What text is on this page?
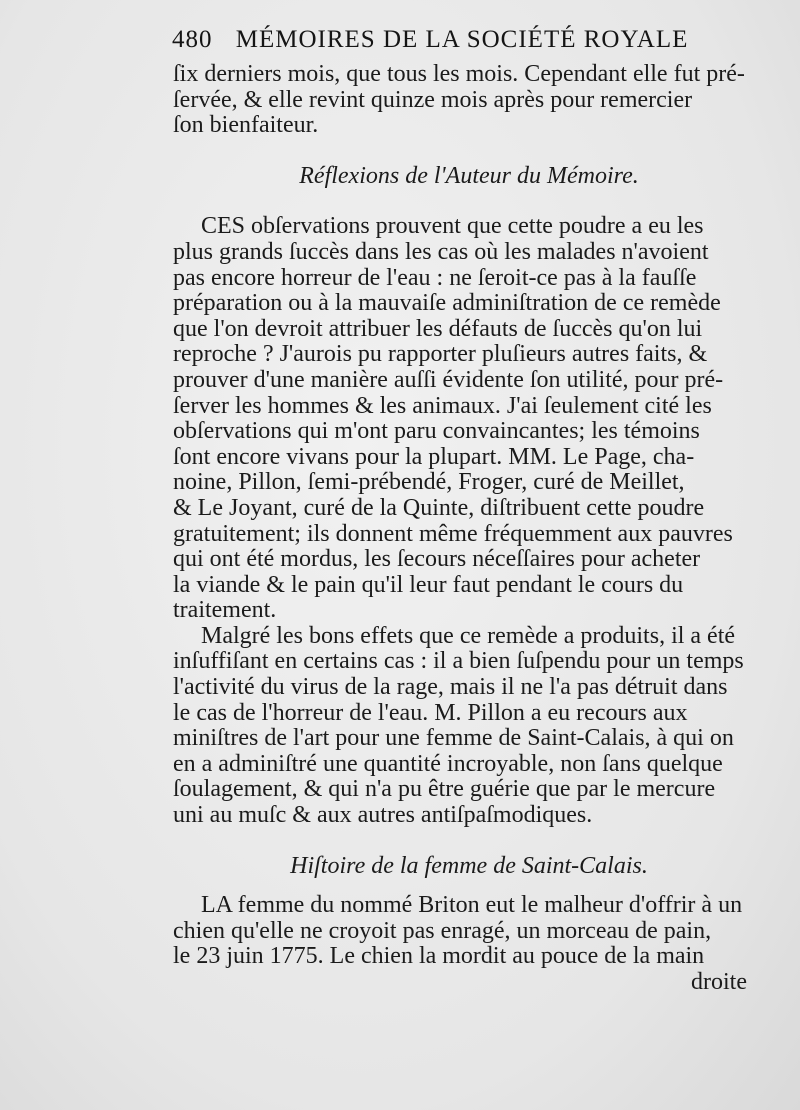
480 MÉMOIRES DE LA SOCIÉTÉ ROYALE
ſix derniers mois, que tous les mois. Cependant elle fut pré-
ſervée, & elle revint quinze mois après pour remercier
ſon bienfaiteur.
Réflexions de l'Auteur du Mémoire.
CES obſervations prouvent que cette poudre a eu les
plus grands ſuccès dans les cas où les malades n'avoient
pas encore horreur de l'eau : ne ſeroit-ce pas à la fauſſe
préparation ou à la mauvaiſe adminiſtration de ce remède
que l'on devroit attribuer les défauts de ſuccès qu'on lui
reproche ? J'aurois pu rapporter pluſieurs autres faits, &
prouver d'une manière auſſi évidente ſon utilité, pour pré-
ſerver les hommes & les animaux. J'ai ſeulement cité les
obſervations qui m'ont paru convaincantes; les témoins
ſont encore vivans pour la plupart. MM. Le Page, cha-
noine, Pillon, ſemi-prébendé, Froger, curé de Meillet,
& Le Joyant, curé de la Quinte, diſtribuent cette poudre
gratuitement; ils donnent même fréquemment aux pauvres
qui ont été mordus, les ſecours néceſſaires pour acheter
la viande & le pain qu'il leur faut pendant le cours du
traitement.
Malgré les bons effets que ce remède a produits, il a été
inſuffiſant en certains cas : il a bien ſuſpendu pour un temps
l'activité du virus de la rage, mais il ne l'a pas détruit dans
le cas de l'horreur de l'eau. M. Pillon a eu recours aux
miniſtres de l'art pour une femme de Saint-Calais, à qui on
en a adminiſtré une quantité incroyable, non ſans quelque
ſoulagement, & qui n'a pu être guérie que par le mercure
uni au muſc & aux autres antiſpaſmodiques.
Hiſtoire de la femme de Saint-Calais.
LA femme du nommé Briton eut le malheur d'offrir à un
chien qu'elle ne croyoit pas enragé, un morceau de pain,
le 23 juin 1775. Le chien la mordit au pouce de la main
droite
